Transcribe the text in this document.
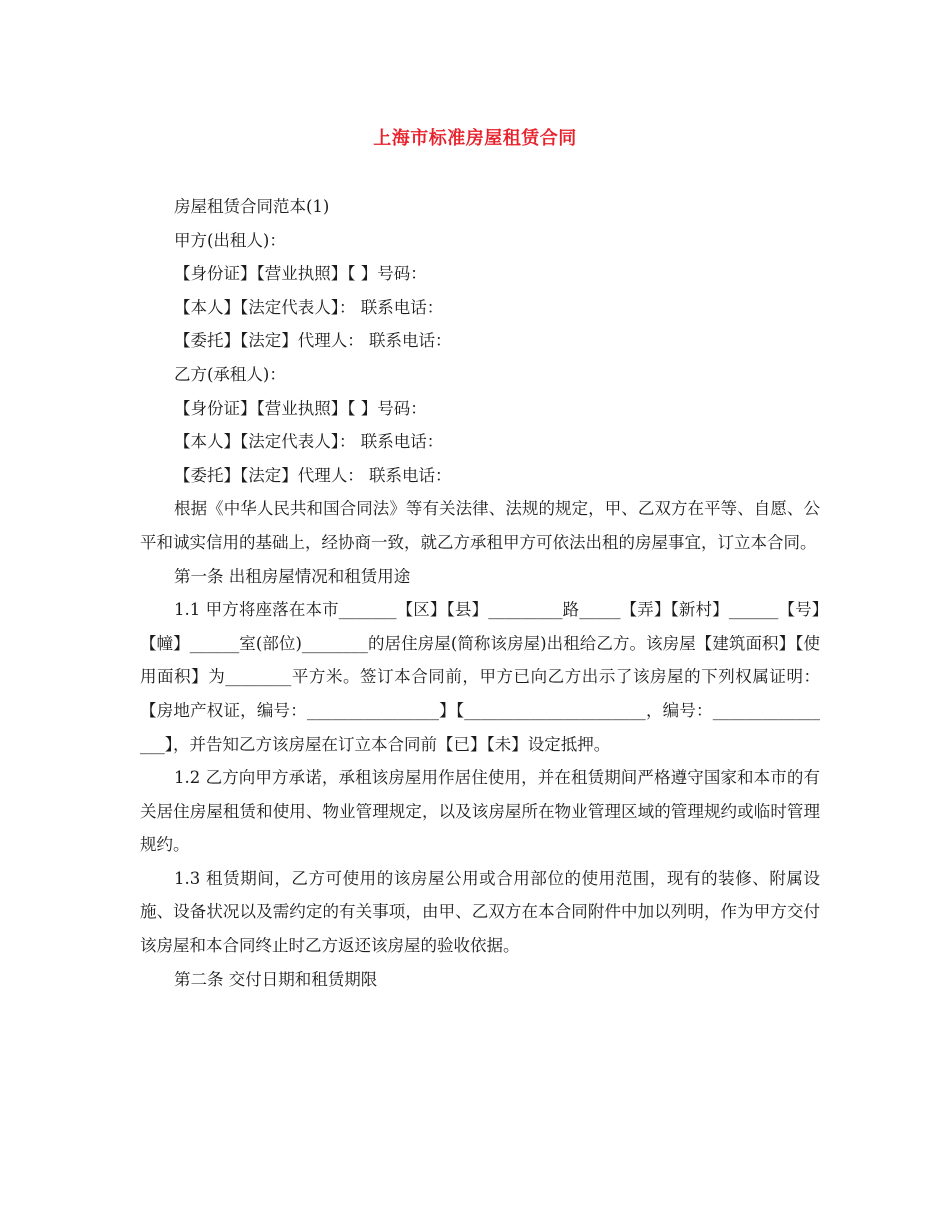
上海市标准房屋租赁合同

房屋租赁合同范本(1)

甲方(出租人)：

【身份证】【营业执照】【 】号码：

【本人】【法定代表人】： 联系电话：

【委托】【法定】代理人： 联系电话：

乙方(承租人)：

【身份证】【营业执照】【 】号码：

【本人】【法定代表人】： 联系电话：

【委托】【法定】代理人： 联系电话：

根据《中华人民共和国合同法》等有关法律、法规的规定，甲、乙双方在平等、自愿、公平和诚实信用的基础上，经协商一致，就乙方承租甲方可依法出租的房屋事宜，订立本合同。

第一条 出租房屋情况和租赁用途

1.1 甲方将座落在本市_______【区】【县】_________路_____【弄】【新村】______【号】【幢】______室(部位)________的居住房屋(简称该房屋)出租给乙方。该房屋【建筑面积】【使用面积】为________平方米。签订本合同前，甲方已向乙方出示了该房屋的下列权属证明：【房地产权证，编号：________________】【______________________，编号：________________】，并告知乙方该房屋在订立本合同前【已】【未】设定抵押。

1.2 乙方向甲方承诺，承租该房屋用作居住使用，并在租赁期间严格遵守国家和本市的有关居住房屋租赁和使用、物业管理规定，以及该房屋所在物业管理区域的管理规约或临时管理规约。

1.3 租赁期间，乙方可使用的该房屋公用或合用部位的使用范围，现有的装修、附属设施、设备状况以及需约定的有关事项，由甲、乙双方在本合同附件中加以列明，作为甲方交付该房屋和本合同终止时乙方返还该房屋的验收依据。

第二条 交付日期和租赁期限
